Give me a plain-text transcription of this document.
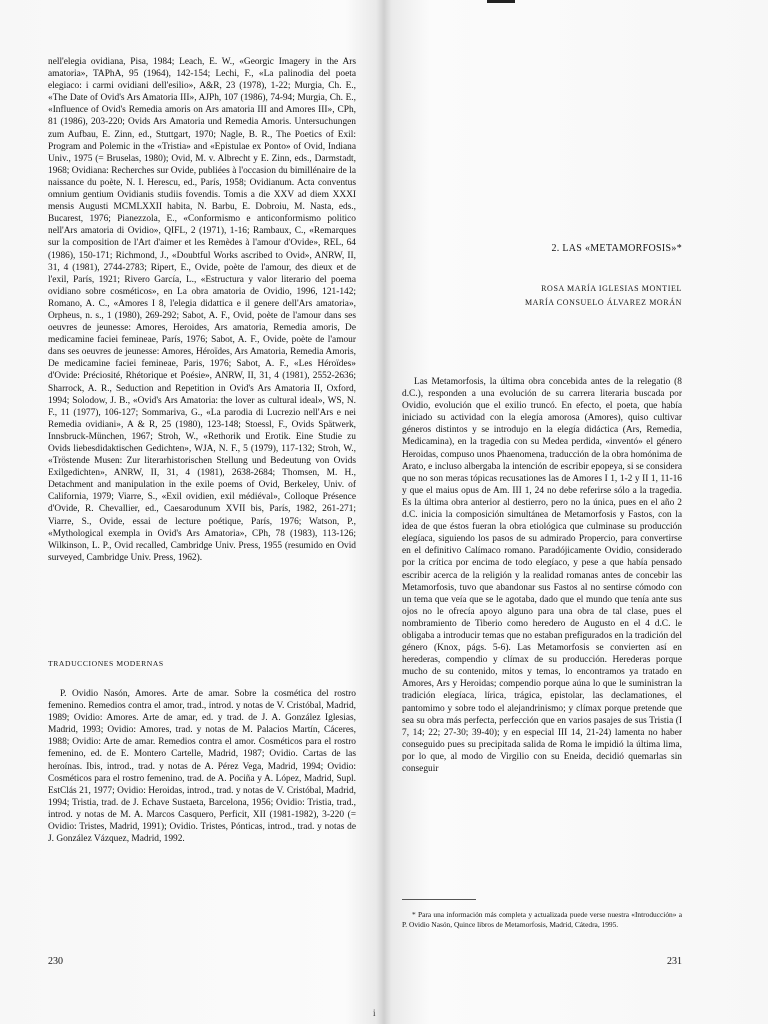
nell'elegia ovidiana, Pisa, 1984; Leach, E. W., «Georgic Imagery in the Ars amatoria», TAPhA, 95 (1964), 142-154; Lechi, F., «La palinodia del poeta elegiaco: i carmi ovidiani dell'esilio», A&R, 23 (1978), 1-22; Murgia, Ch. E., «The Date of Ovid's Ars Amatoria III», AJPh, 107 (1986), 74-94; Murgia, Ch. E., «Influence of Ovid's Remedia amoris on Ars amatoria III and Amores III», CPh, 81 (1986), 203-220; Ovids Ars Amatoria und Remedia Amoris. Untersuchungen zum Aufbau, E. Zinn, ed., Stuttgart, 1970; Nagle, B. R., The Poetics of Exil: Program and Polemic in the «Tristia» and «Epistulae ex Ponto» of Ovid, Indiana Univ., 1975 (= Bruselas, 1980); Ovid, M. v. Albrecht y E. Zinn, eds., Darmstadt, 1968; Ovidiana: Recherches sur Ovide, publiées à l'occasion du bimillénaire de la naissance du poète, N. I. Herescu, ed., París, 1958; Ovidianum. Acta conventus omnium gentium Ovidianis studiis fovendis. Tomis a die XXV ad diem XXXI mensis Augusti MCMLXXII habita, N. Barbu, E. Dobroiu, M. Nasta, eds., Bucarest, 1976; Pianezzola, E., «Conformismo e anticonformismo politico nell'Ars amatoria di Ovidio», QIFL, 2 (1971), 1-16; Rambaux, C., «Remarques sur la composition de l'Art d'aimer et les Remèdes à l'amour d'Ovide», REL, 64 (1986), 150-171; Richmond, J., «Doubtful Works ascribed to Ovid», ANRW, II, 31, 4 (1981), 2744-2783; Ripert, E., Ovide, poète de l'amour, des dieux et de l'exil, París, 1921; Rivero García, L., «Estructura y valor literario del poema ovidiano sobre cosméticos», en La obra amatoria de Ovidio, 1996, 121-142; Romano, A. C., «Amores I 8, l'elegia didattica e il genere dell'Ars amatoria», Orpheus, n. s., 1 (1980), 269-292; Sabot, A. F., Ovid, poète de l'amour dans ses oeuvres de jeunesse: Amores, Heroides, Ars amatoria, Remedia amoris, De medicamine faciei femineae, París, 1976; Sabot, A. F., Ovide, poète de l'amour dans ses oeuvres de jeunesse: Amores, Héroïdes, Ars Amatoria, Remedia Amoris, De medicamine faciei femineae, Paris, 1976; Sabot, A. F., «Les Héroïdes» d'Ovide: Préciosité, Rhétorique et Poésie», ANRW, II, 31, 4 (1981), 2552-2636; Sharrock, A. R., Seduction and Repetition in Ovid's Ars Amatoria II, Oxford, 1994; Solodow, J. B., «Ovid's Ars Amatoria: the lover as cultural ideal», WS, N. F., 11 (1977), 106-127; Sommariva, G., «La parodia di Lucrezio nell'Ars e nei Remedia ovidiani», A & R, 25 (1980), 123-148; Stoessl, F., Ovids Spätwerk, Innsbruck-München, 1967; Stroh, W., «Rethorik und Erotik. Eine Studie zu Ovids liebesdidaktischen Gedichten», WJA, N. F., 5 (1979), 117-132; Stroh, W., «Tröstende Musen: Zur literarhistorischen Stellung und Bedeutung von Ovids Exilgedichten», ANRW, II, 31, 4 (1981), 2638-2684; Thomsen, M. H., Detachment and manipulation in the exile poems of Ovid, Berkeley, Univ. of California, 1979; Viarre, S., «Exil ovidien, exil médiéval», Colloque Présence d'Ovide, R. Chevallier, ed., Caesarodunum XVII bis, París, 1982, 261-271; Viarre, S., Ovide, essai de lecture poétique, París, 1976; Watson, P., «Mythological exempla in Ovid's Ars Amatoria», CPh, 78 (1983), 113-126; Wilkinson, L. P., Ovid recalled, Cambridge Univ. Press, 1955 (resumido en Ovid surveyed, Cambridge Univ. Press, 1962).

TRADUCCIONES MODERNAS

P. Ovidio Nasón, Amores. Arte de amar. Sobre la cosmética del rostro femenino. Remedios contra el amor, trad., introd. y notas de V. Cristóbal, Madrid, 1989; Ovidio: Amores. Arte de amar, ed. y trad. de J. A. González Iglesias, Madrid, 1993; Ovidio: Amores, trad. y notas de M. Palacios Martín, Cáceres, 1988; Ovidio: Arte de amar. Remedios contra el amor. Cosméticos para el rostro femenino, ed. de E. Montero Cartelle, Madrid, 1987; Ovidio. Cartas de las heroínas. Ibis, introd., trad. y notas de A. Pérez Vega, Madrid, 1994; Ovidio: Cosméticos para el rostro femenino, trad. de A. Pociña y A. López, Madrid, Supl. EstClás 21, 1977; Ovidio: Heroidas, introd., trad. y notas de V. Cristóbal, Madrid, 1994; Tristia, trad. de J. Echave Sustaeta, Barcelona, 1956; Ovidio: Tristia, trad., introd. y notas de M. A. Marcos Casquero, Perficit, XII (1981-1982), 3-220 (= Ovidio: Tristes, Madrid, 1991); Ovidio. Tristes, Pónticas, introd., trad. y notas de J. González Vázquez, Madrid, 1992.

230
2. LAS «METAMORFOSIS»*
ROSA MARÍA IGLESIAS MONTIEL
MARÍA CONSUELO ÁLVAREZ MORÁN

Las Metamorfosis, la última obra concebida antes de la relegatio (8 d.C.), responden a una evolución de su carrera literaria buscada por Ovidio, evolución que el exilio truncó. En efecto, el poeta, que había iniciado su actividad con la elegía amorosa (Amores), quiso cultivar géneros distintos y se introdujo en la elegía didáctica (Ars, Remedia, Medicamina), en la tragedia con su Medea perdida, «inventó» el género Heroidas, compuso unos Phaenomena, traducción de la obra homónima de Arato, e incluso albergaba la intención de escribir epopeya, si se considera que no son meras tópicas recusationes las de Amores I 1, 1-2 y II 1, 11-16 y que el maius opus de Am. III 1, 24 no debe referirse sólo a la tragedia. Es la última obra anterior al destierro, pero no la única, pues en el año 2 d.C. inicia la composición simultánea de Metamorfosis y Fastos, con la idea de que éstos fueran la obra etiológica que culminase su producción elegíaca, siguiendo los pasos de su admirado Propercio, para convertirse en el definitivo Calímaco romano. Paradójicamente Ovidio, considerado por la crítica por encima de todo elegíaco, y pese a que había pensado escribir acerca de la religión y la realidad romanas antes de concebir las Metamorfosis, tuvo que abandonar sus Fastos al no sentirse cómodo con un tema que veía que se le agotaba, dado que el mundo que tenía ante sus ojos no le ofrecía apoyo alguno para una obra de tal clase, pues el nombramiento de Tiberio como heredero de Augusto en el 4 d.C. le obligaba a introducir temas que no estaban prefigurados en la tradición del género (Knox, págs. 5-6). Las Metamorfosis se convierten así en herederas, compendio y clímax de su producción. Herederas porque mucho de su contenido, mitos y temas, lo encontramos ya tratado en Amores, Ars y Heroidas; compendio porque aúna lo que le suministran la tradición elegíaca, lírica, trágica, epistolar, las declamationes, el pantomimo y sobre todo el alejandrinismo; y clímax porque pretende que sea su obra más perfecta, perfección que en varios pasajes de sus Tristia (I 7, 14; 22; 27-30; 39-40); y en especial III 14, 21-24) lamenta no haber conseguido pues su precipitada salida de Roma le impidió la última lima, por lo que, al modo de Virgilio con su Eneida, decidió quemarlas sin conseguir

* Para una información más completa y actualizada puede verse nuestra «Introducción» a P. Ovidio Nasón, Quince libros de Metamorfosis, Madrid, Cátedra, 1995.

231
i
